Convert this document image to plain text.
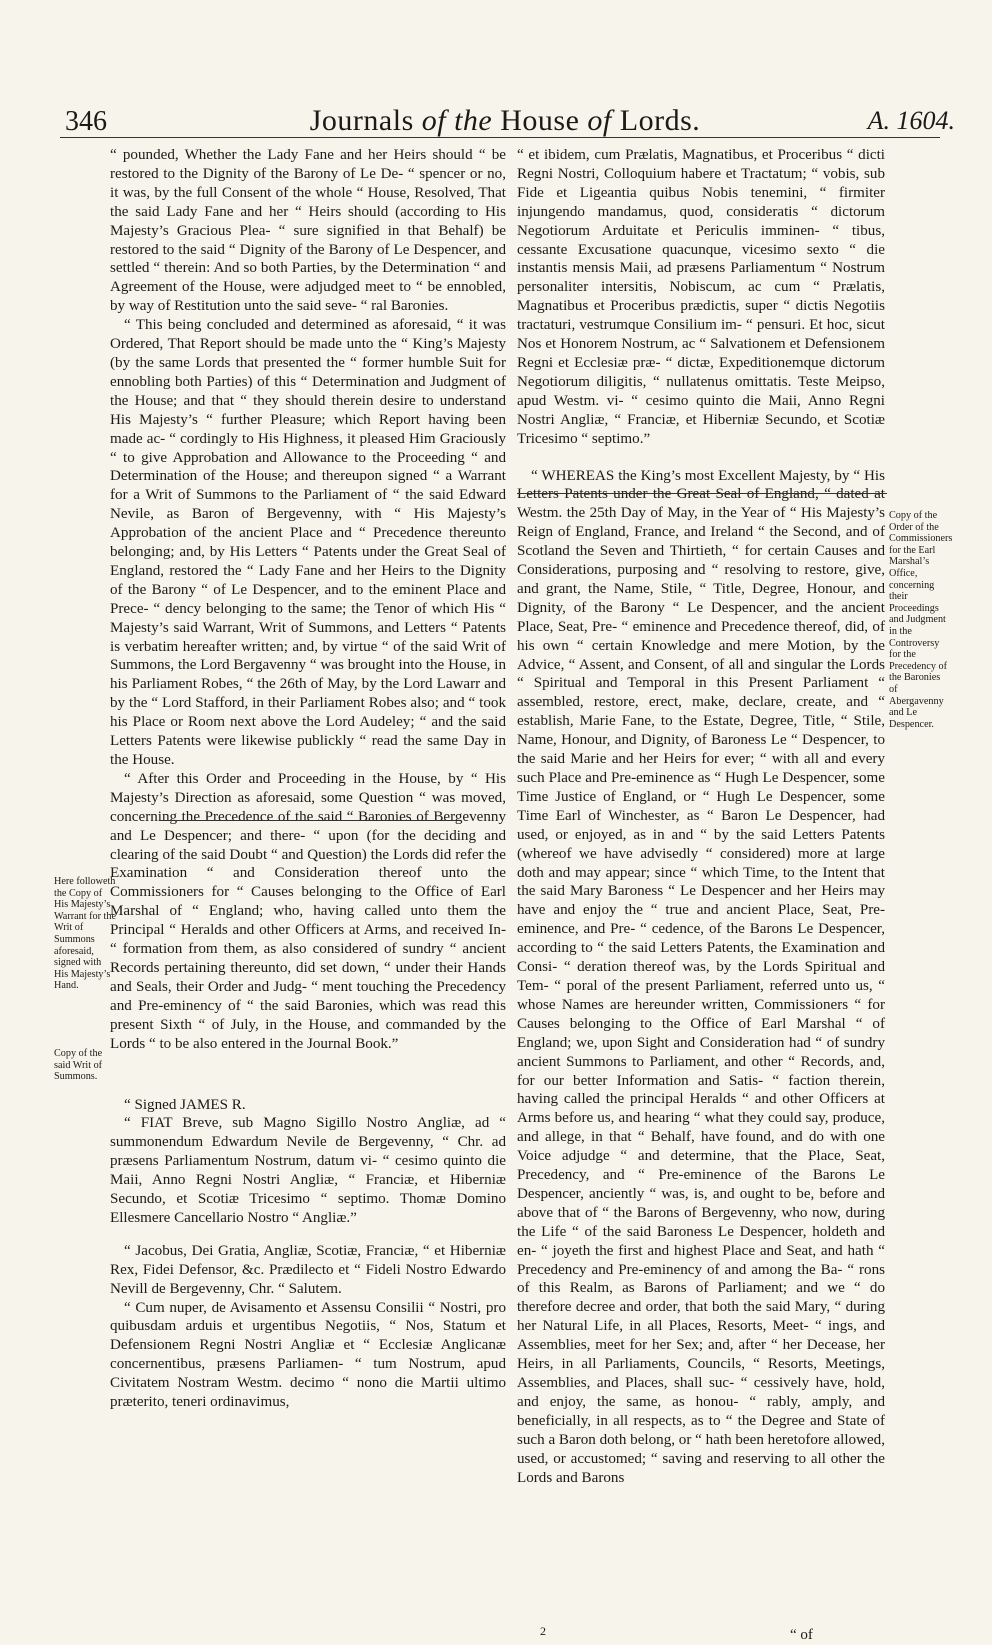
346	Journals of the House of Lords.	A. 1604.

“ pounded, Whether the Lady Fane and her Heirs should “ be restored to the Dignity of the Barony of Le De- “ spencer or no, it was, by the full Consent of the whole “ House, Resolved, That the said Lady Fane and her “ Heirs should (according to His Majesty’s Gracious Plea- “ sure signified in that Behalf) be restored to the said “ Dignity of the Barony of Le Despencer, and settled “ therein: And so both Parties, by the Determination “ and Agreement of the House, were adjudged meet to “ be ennobled, by way of Restitution unto the said seve- “ ral Baronies.

“ This being concluded and determined as aforesaid, “ it was Ordered, That Report should be made unto the “ King’s Majesty (by the same Lords that presented the “ former humble Suit for ennobling both Parties) of this “ Determination and Judgment of the House; and that “ they should therein desire to understand His Majesty’s “ further Pleasure; which Report having been made ac- “ cordingly to His Highness, it pleased Him Graciously “ to give Approbation and Allowance to the Proceeding “ and Determination of the House; and thereupon signed “ a Warrant for a Writ of Summons to the Parliament of “ the said Edward Nevile, as Baron of Bergevenny, with “ His Majesty’s Approbation of the ancient Place and “ Precedence thereunto belonging; and, by His Letters “ Patents under the Great Seal of England, restored the “ Lady Fane and her Heirs to the Dignity of the Barony “ of Le Despencer, and to the eminent Place and Prece- “ dency belonging to the same; the Tenor of which His “ Majesty’s said Warrant, Writ of Summons, and Letters “ Patents is verbatim hereafter written; and, by virtue “ of the said Writ of Summons, the Lord Bergavenny “ was brought into the House, in his Parliament Robes, “ the 26th of May, by the Lord Lawarr and by the “ Lord Stafford, in their Parliament Robes also; and “ took his Place or Room next above the Lord Audeley; “ and the said Letters Patents were likewise publickly “ read the same Day in the House.

“ After this Order and Proceeding in the House, by “ His Majesty’s Direction as aforesaid, some Question “ was moved, concerning the Precedence of the said “ Baronies of Bergevenny and Le Despencer; and there- “ upon (for the deciding and clearing of the said Doubt “ and Question) the Lords did refer the Examination “ and Consideration thereof unto the Commissioners for “ Causes belonging to the Office of Earl Marshal of “ England; who, having called unto them the Principal “ Heralds and other Officers at Arms, and received In- “ formation from them, as also considered of sundry “ ancient Records pertaining thereunto, did set down, “ under their Hands and Seals, their Order and Judg- “ ment touching the Precedency and Pre-eminency of “ the said Baronies, which was read this present Sixth “ of July, in the House, and commanded by the Lords “ to be also entered in the Journal Book.”

“ Signed JAMES R.

“ FIAT Breve, sub Magno Sigillo Nostro Angliæ, ad “ summonendum Edwardum Nevile de Bergevenny, “ Chr. ad præsens Parliamentum Nostrum, datum vi- “ cesimo quinto die Maii, Anno Regni Nostri Angliæ, “ Franciæ, et Hiberniæ Secundo, et Scotiæ Tricesimo “ septimo. Thomæ Domino Ellesmere Cancellario Nostro “ Angliæ.”

“ Jacobus, Dei Gratia, Angliæ, Scotiæ, Franciæ, “ et Hiberniæ Rex, Fidei Defensor, &c. Prædilecto et “ Fideli Nostro Edwardo Nevill de Bergevenny, Chr. “ Salutem.

“ Cum nuper, de Avisamento et Assensu Consilii “ Nostri, pro quibusdam arduis et urgentibus Negotiis, “ Nos, Statum et Defensionem Regni Nostri Angliæ et “ Ecclesiæ Anglicanæ concernentibus, præsens Parliamen- “ tum Nostrum, apud Civitatem Nostram Westm. decimo “ nono die Martii ultimo præterito, teneri ordinavimus,

“ et ibidem, cum Prælatis, Magnatibus, et Proceribus “ dicti Regni Nostri, Colloquium habere et Tractatum; “ vobis, sub Fide et Ligeantia quibus Nobis tenemini, “ firmiter injungendo mandamus, quod, consideratis “ dictorum Negotiorum Arduitate et Periculis imminen- “ tibus, cessante Excusatione quacunque, vicesimo sexto “ die instantis mensis Maii, ad præsens Parliamentum “ Nostrum personaliter intersitis, Nobiscum, ac cum “ Prælatis, Magnatibus et Proceribus prædictis, super “ dictis Negotiis tractaturi, vestrumque Consilium im- “ pensuri. Et hoc, sicut Nos et Honorem Nostrum, ac “ Salvationem et Defensionem Regni et Ecclesiæ præ- “ dictæ, Expeditionemque dictorum Negotiorum diligitis, “ nullatenus omittatis. Teste Meipso, apud Westm. vi- “ cesimo quinto die Maii, Anno Regni Nostri Angliæ, “ Franciæ, et Hiberniæ Secundo, et Scotiæ Tricesimo “ septimo.”

“ WHEREAS the King’s most Excellent Majesty, by “ His Letters Patents under the Great Seal of England, “ dated at Westm. the 25th Day of May, in the Year of “ His Majesty’s Reign of England, France, and Ireland “ the Second, and of Scotland the Seven and Thirtieth, “ for certain Causes and Considerations, purposing and “ resolving to restore, give, and grant, the Name, Stile, “ Title, Degree, Honour, and Dignity, of the Barony “ Le Despencer, and the ancient Place, Seat, Pre- “ eminence and Precedence thereof, did, of his own “ certain Knowledge and mere Motion, by the Advice, “ Assent, and Consent, of all and singular the Lords “ Spiritual and Temporal in this Present Parliament “ assembled, restore, erect, make, declare, create, and “ establish, Marie Fane, to the Estate, Degree, Title, “ Stile, Name, Honour, and Dignity, of Baroness Le “ Despencer, to the said Marie and her Heirs for ever; “ with all and every such Place and Pre-eminence as “ Hugh Le Despencer, some Time Justice of England, or “ Hugh Le Despencer, some Time Earl of Winchester, as “ Baron Le Despencer, had used, or enjoyed, as in and “ by the said Letters Patents (whereof we have advisedly “ considered) more at large doth and may appear; since “ which Time, to the Intent that the said Mary Baroness “ Le Despencer and her Heirs may have and enjoy the “ true and ancient Place, Seat, Pre-eminence, and Pre- “ cedence, of the Barons Le Despencer, according to “ the said Letters Patents, the Examination and Consi- “ deration thereof was, by the Lords Spiritual and Tem- “ poral of the present Parliament, referred unto us, “ whose Names are hereunder written, Commissioners “ for Causes belonging to the Office of Earl Marshal “ of England; we, upon Sight and Consideration had “ of sundry ancient Summons to Parliament, and other “ Records, and, for our better Information and Satis- “ faction therein, having called the principal Heralds “ and other Officers at Arms before us, and hearing “ what they could say, produce, and allege, in that “ Behalf, have found, and do with one Voice adjudge “ and determine, that the Place, Seat, Precedency, and “ Pre-eminence of the Barons Le Despencer, anciently “ was, is, and ought to be, before and above that of “ the Barons of Bergevenny, who now, during the Life “ of the said Baroness Le Despencer, holdeth and en- “ joyeth the first and highest Place and Seat, and hath “ Precedency and Pre-eminency of and among the Ba- “ rons of this Realm, as Barons of Parliament; and we “ do therefore decree and order, that both the said Mary, “ during her Natural Life, in all Places, Resorts, Meet- “ ings, and Assemblies, meet for her Sex; and, after “ her Decease, her Heirs, in all Parliaments, Councils, “ Resorts, Meetings, Assemblies, and Places, shall suc- “ cessively have, hold, and enjoy, the same, as honou- “ rably, amply, and beneficially, in all respects, as to “ the Degree and State of such a Baron doth belong, or “ hath been heretofore allowed, used, or accustomed; “ saving and reserving to all other the Lords and Barons

Here followeth the Copy of His Majesty’s Warrant for the Writ of Summons aforesaid, signed with His Majesty’s Hand.
Copy of the said Writ of Summons.
Copy of the Order of the Commissioners for the Earl Marshal’s Office, concerning their Proceedings and Judgment in the Controversy for the Precedency of the Baronies of Abergavenny and Le Despencer.
2	“ of
